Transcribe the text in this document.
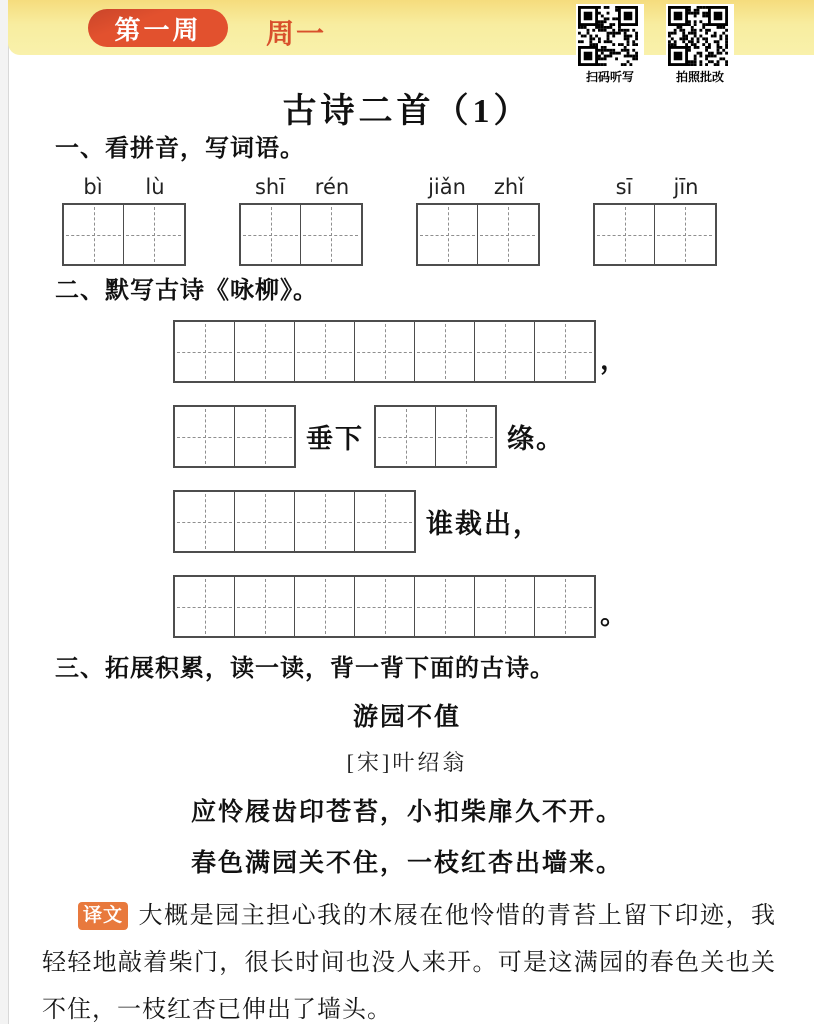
第一周	周一
扫码听写	拍照批改
古诗二首（1）
一、看拼音，写词语。
bì	lù	shī	rén	jiǎn	zhǐ	sī	jīn
二、默写古诗《咏柳》。
，
垂下	绦。
谁裁出，
。
三、拓展积累，读一读，背一背下面的古诗。
游园不值
[宋]叶绍翁
应怜屐齿印苍苔，小扣柴扉久不开。
春色满园关不住，一枝红杏出墙来。

译文 大概是园主担心我的木屐在他怜惜的青苔上留下印迹，我轻轻地敲着柴门，很长时间也没人来开。可是这满园的春色关也关不住，一枝红杏已伸出了墙头。
